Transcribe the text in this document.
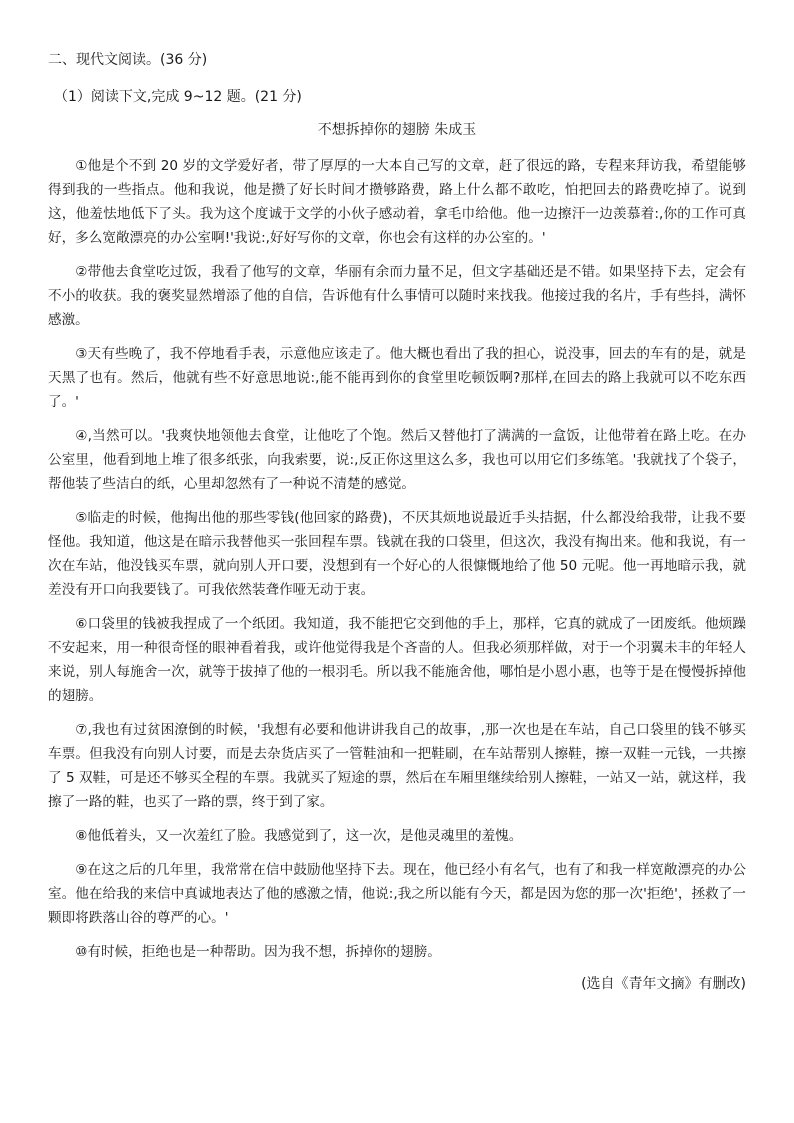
二、现代文阅读。(36 分)
（1）阅读下文,完成 9~12 题。(21 分)
不想拆掉你的翅膀 朱成玉

①他是个不到 20 岁的文学爱好者，带了厚厚的一大本自己写的文章，赶了很远的路，专程来拜访我，希望能够得到我的一些指点。他和我说，他是攒了好长时间才攒够路费，路上什么都不敢吃，怕把回去的路费吃掉了。说到这，他羞怯地低下了头。我为这个度诚于文学的小伙子感动着，拿毛巾给他。他一边擦汗一边羡慕着:,你的工作可真好，多么宽敞漂亮的办公室啊!'我说:,好好写你的文章，你也会有这样的办公室的。'

②带他去食堂吃过饭，我看了他写的文章，华丽有余而力量不足，但文字基础还是不错。如果坚持下去，定会有不小的收获。我的褒奖显然增添了他的自信，告诉他有什么事情可以随时来找我。他接过我的名片，手有些抖，满怀感激。

③天有些晚了，我不停地看手表，示意他应该走了。他大概也看出了我的担心，说没事，回去的车有的是，就是天黑了也有。然后，他就有些不好意思地说:,能不能再到你的食堂里吃顿饭啊?那样,在回去的路上我就可以不吃东西了。'

④,当然可以。'我爽快地领他去食堂，让他吃了个饱。然后又替他打了满满的一盒饭，让他带着在路上吃。在办公室里，他看到地上堆了很多纸张，向我索要，说:,反正你这里这么多，我也可以用它们多练笔。'我就找了个袋子，帮他装了些洁白的纸，心里却忽然有了一种说不清楚的感觉。

⑤临走的时候，他掏出他的那些零钱(他回家的路费)，不厌其烦地说最近手头拮据，什么都没给我带，让我不要怪他。我知道，他这是在暗示我替他买一张回程车票。钱就在我的口袋里，但这次，我没有掏出来。他和我说，有一次在车站，他没钱买车票，就向别人开口要，没想到有一个好心的人很慷慨地给了他 50 元呢。他一再地暗示我，就差没有开口向我要钱了。可我依然装聋作哑无动于衷。

⑥口袋里的钱被我捏成了一个纸团。我知道，我不能把它交到他的手上，那样，它真的就成了一团废纸。他烦躁不安起来，用一种很奇怪的眼神看着我，或许他觉得我是个吝啬的人。但我必须那样做，对于一个羽翼未丰的年轻人来说，别人每施舍一次，就等于拔掉了他的一根羽毛。所以我不能施舍他，哪怕是小恩小惠，也等于是在慢慢拆掉他的翅膀。

⑦,我也有过贫困潦倒的时候，'我想有必要和他讲讲我自己的故事，,那一次也是在车站，自己口袋里的钱不够买车票。但我没有向别人讨要，而是去杂货店买了一管鞋油和一把鞋刷，在车站帮别人擦鞋，擦一双鞋一元钱，一共擦了 5 双鞋，可是还不够买全程的车票。我就买了短途的票，然后在车厢里继续给别人擦鞋，一站又一站，就这样，我擦了一路的鞋，也买了一路的票，终于到了家。

⑧他低着头，又一次羞红了脸。我感觉到了，这一次，是他灵魂里的羞愧。

⑨在这之后的几年里，我常常在信中鼓励他坚持下去。现在，他已经小有名气，也有了和我一样宽敞漂亮的办公室。他在给我的来信中真诚地表达了他的感激之情，他说:,我之所以能有今天，都是因为您的那一次'拒绝'，拯救了一颗即将跌落山谷的尊严的心。'

⑩有时候，拒绝也是一种帮助。因为我不想，拆掉你的翅膀。

(选自《青年文摘》有删改)
